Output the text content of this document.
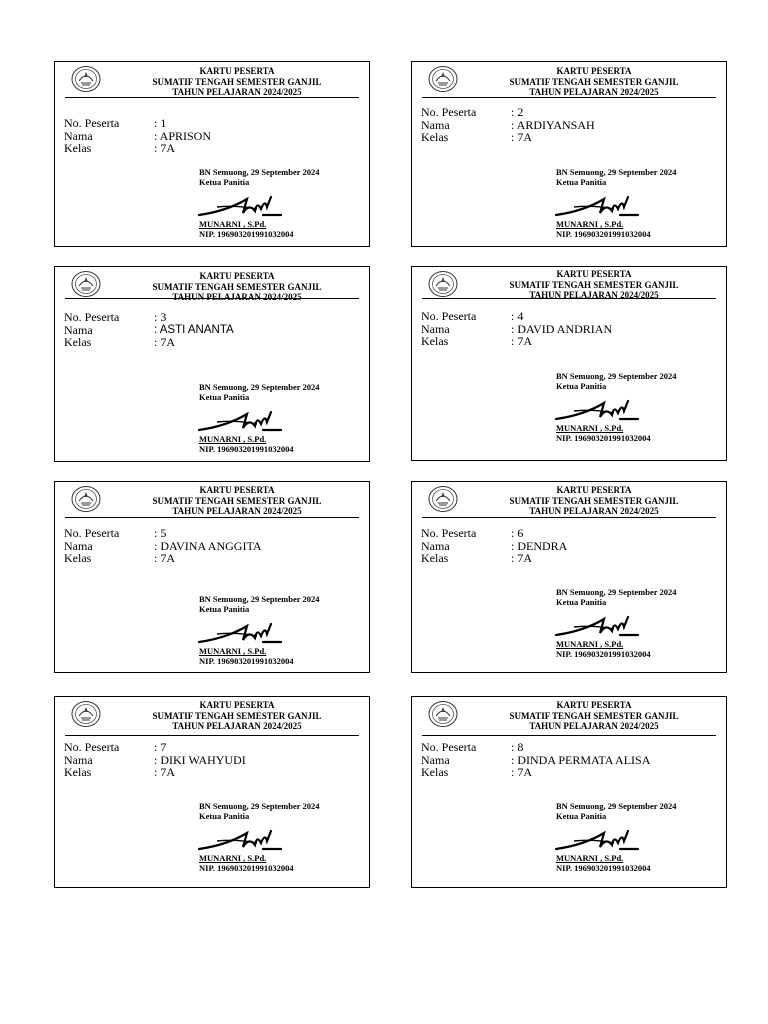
KARTU PESERTA
SUMATIF TENGAH SEMESTER GANJIL
TAHUN PELAJARAN 2024/2025
No. Peserta	: 1
Nama	: APRISON
Kelas	: 7A
BN Semuong, 29 September 2024
Ketua Panitia
MUNARNI , S.Pd.
NIP. 196903201991032004
KARTU PESERTA
SUMATIF TENGAH SEMESTER GANJIL
TAHUN PELAJARAN 2024/2025
No. Peserta	: 2
Nama	: ARDIYANSAH
Kelas	: 7A
BN Semuong, 29 September 2024
Ketua Panitia
MUNARNI , S.Pd.
NIP. 196903201991032004
KARTU PESERTA
SUMATIF TENGAH SEMESTER GANJIL
TAHUN PELAJARAN 2024/2025
No. Peserta	: 3
Nama	: ASTI ANANTA
Kelas	: 7A
BN Semuong, 29 September 2024
Ketua Panitia
MUNARNI , S.Pd.
NIP. 196903201991032004
KARTU PESERTA
SUMATIF TENGAH SEMESTER GANJIL
TAHUN PELAJARAN 2024/2025
No. Peserta	: 4
Nama	: DAVID ANDRIAN
Kelas	: 7A
BN Semuong, 29 September 2024
Ketua Panitia
MUNARNI , S.Pd.
NIP. 196903201991032004
KARTU PESERTA
SUMATIF TENGAH SEMESTER GANJIL
TAHUN PELAJARAN 2024/2025
No. Peserta	: 5
Nama	: DAVINA ANGGITA
Kelas	: 7A
BN Semuong, 29 September 2024
Ketua Panitia
MUNARNI , S.Pd.
NIP. 196903201991032004
KARTU PESERTA
SUMATIF TENGAH SEMESTER GANJIL
TAHUN PELAJARAN 2024/2025
No. Peserta	: 6
Nama	: DENDRA
Kelas	: 7A
BN Semuong, 29 September 2024
Ketua Panitia
MUNARNI , S.Pd.
NIP. 196903201991032004
KARTU PESERTA
SUMATIF TENGAH SEMESTER GANJIL
TAHUN PELAJARAN 2024/2025
No. Peserta	: 7
Nama	: DIKI WAHYUDI
Kelas	: 7A
BN Semuong, 29 September 2024
Ketua Panitia
MUNARNI , S.Pd.
NIP. 196903201991032004
KARTU PESERTA
SUMATIF TENGAH SEMESTER GANJIL
TAHUN PELAJARAN 2024/2025
No. Peserta	: 8
Nama	: DINDA PERMATA ALISA
Kelas	: 7A
BN Semuong, 29 September 2024
Ketua Panitia
MUNARNI , S.Pd.
NIP. 196903201991032004
